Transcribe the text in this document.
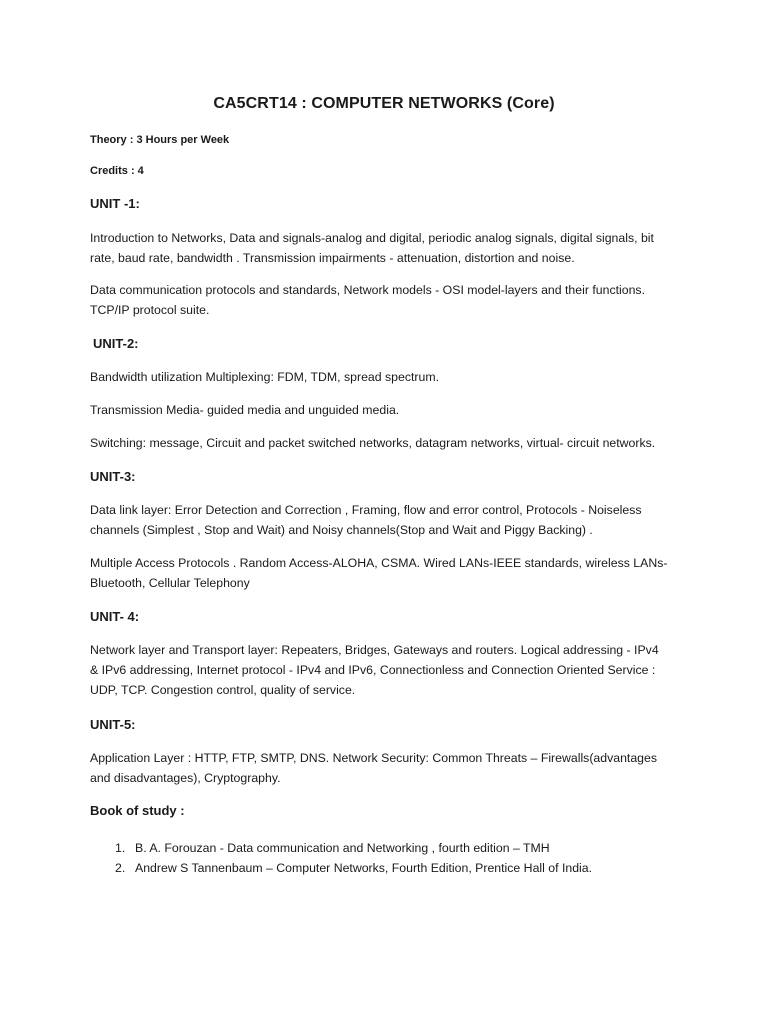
CA5CRT14 : COMPUTER NETWORKS (Core)
Theory : 3 Hours per Week
Credits : 4
UNIT -1:
Introduction to Networks, Data and signals-analog and digital, periodic analog signals, digital signals, bit
rate, baud rate, bandwidth . Transmission impairments - attenuation, distortion and noise.
Data communication protocols and standards, Network models - OSI model-layers and their functions.
TCP/IP protocol suite.
UNIT-2:
Bandwidth utilization Multiplexing: FDM, TDM, spread spectrum.
Transmission Media- guided media and unguided media.
Switching: message, Circuit and packet switched networks, datagram networks, virtual- circuit networks.
UNIT-3:
Data link layer: Error Detection and Correction , Framing, flow and error control, Protocols - Noiseless
channels (Simplest , Stop and Wait) and Noisy channels(Stop and Wait and Piggy Backing) .
Multiple Access Protocols . Random Access-ALOHA, CSMA. Wired LANs-IEEE standards, wireless LANs-
Bluetooth, Cellular Telephony
UNIT- 4:
Network layer and Transport layer: Repeaters, Bridges, Gateways and routers. Logical addressing - IPv4
& IPv6 addressing, Internet protocol - IPv4 and IPv6, Connectionless and Connection Oriented Service :
UDP, TCP. Congestion control, quality of service.
UNIT-5:
Application Layer : HTTP, FTP, SMTP, DNS. Network Security: Common Threats – Firewalls(advantages
and disadvantages), Cryptography.
Book of study :
1. B. A. Forouzan - Data communication and Networking , fourth edition – TMH
2. Andrew S Tannenbaum – Computer Networks, Fourth Edition, Prentice Hall of India.
